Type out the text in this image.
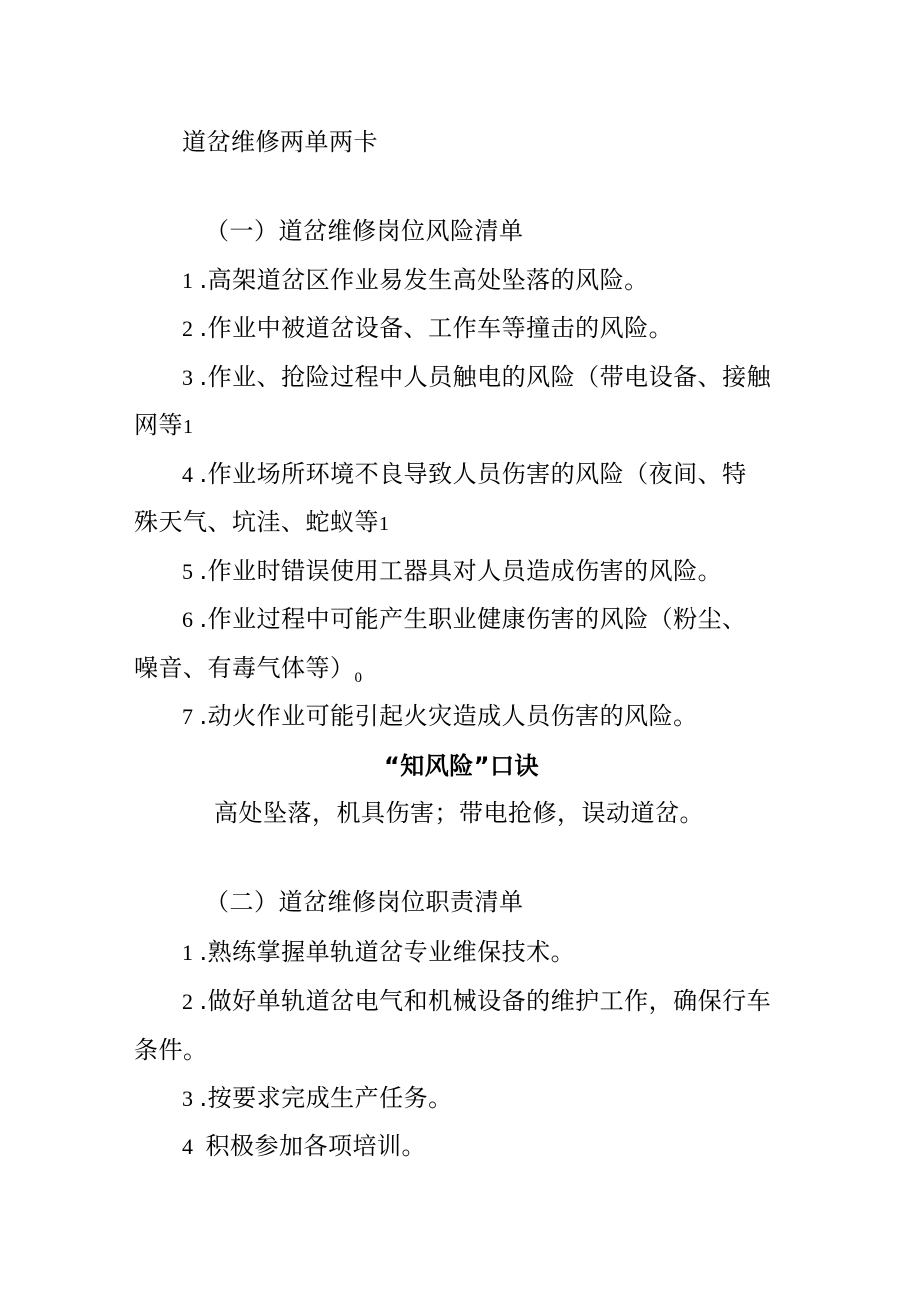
道岔维修两单两卡
（一）道岔维修岗位风险清单
1 .高架道岔区作业易发生高处坠落的风险。
2 .作业中被道岔设备、工作车等撞击的风险。
3 .作业、抢险过程中人员触电的风险（带电设备、接触
网等1
4 .作业场所环境不良导致人员伤害的风险（夜间、特
殊天气、坑洼、蛇蚁等1
5 .作业时错误使用工器具对人员造成伤害的风险。
6 .作业过程中可能产生职业健康伤害的风险（粉尘、
噪音、有毒气体等）$_0$
7 .动火作业可能引起火灾造成人员伤害的风险。
“知风险”口诀
高处坠落，机具伤害；带电抢修，误动道岔。
（二）道岔维修岗位职责清单
1 .熟练掌握单轨道岔专业维保技术。
2 .做好单轨道岔电气和机械设备的维护工作，确保行车
条件。
3 .按要求完成生产任务。
4 积极参加各项培训。
